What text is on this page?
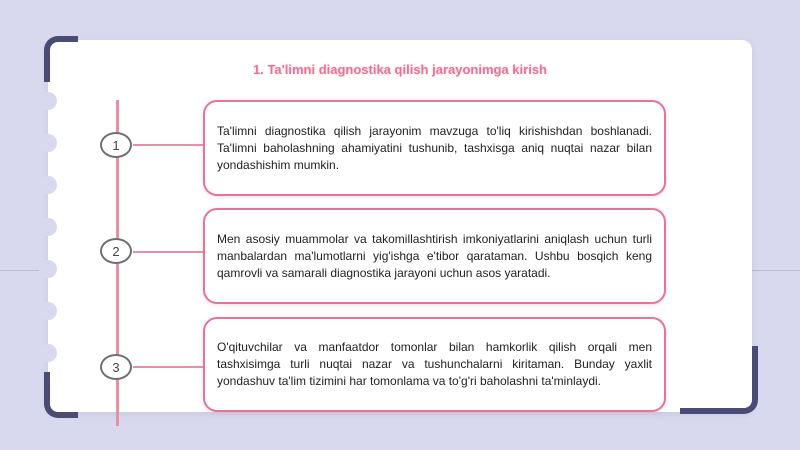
1. Ta'limni diagnostika qilish jarayonimga kirish
1

Ta'limni diagnostika qilish jarayonim mavzuga to'liq kirishishdan boshlanadi. Ta'limni baholashning ahamiyatini tushunib, tashxisga aniq nuqtai nazar bilan yondashishim mumkin.

2

Men asosiy muammolar va takomillashtirish imkoniyatlarini aniqlash uchun turli manbalardan ma'lumotlarni yig'ishga e'tibor qarataman. Ushbu bosqich keng qamrovli va samarali diagnostika jarayoni uchun asos yaratadi.

3

O'qituvchilar va manfaatdor tomonlar bilan hamkorlik qilish orqali men tashxisimga turli nuqtai nazar va tushunchalarni kiritaman. Bunday yaxlit yondashuv ta'lim tizimini har tomonlama va to'g'ri baholashni ta'minlaydi.
